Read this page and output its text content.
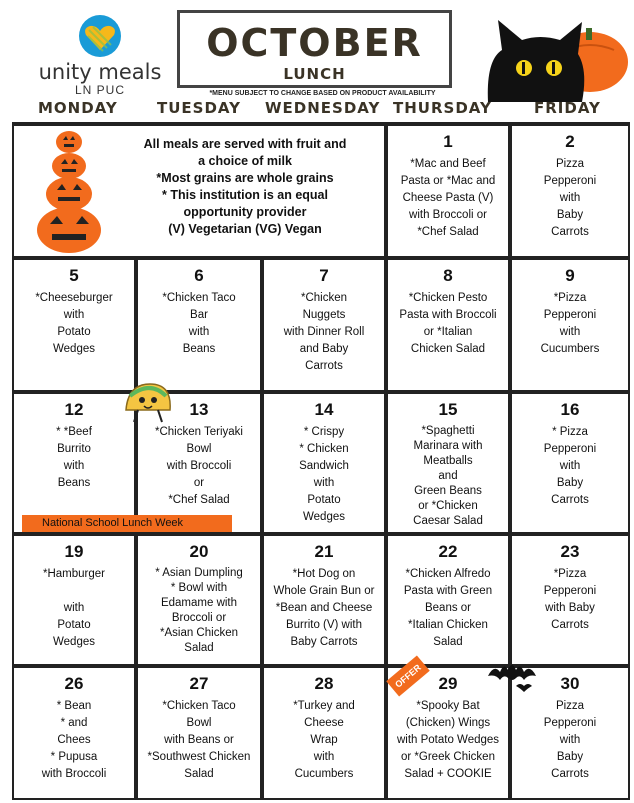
unity meals
LN PUC
OCTOBER
LUNCH
*MENU SUBJECT TO CHANGE BASED ON PRODUCT AVAILABILITY
MONDAY	TUESDAY WEDNESDAY THURSDAY	FRIDAY
All meals are served with fruit and
a choice of milk
*Most grains are whole grains
* This institution is an equal
opportunity provider
(V) Vegetarian (VG) Vegan
1
*Mac and Beef
Pasta or *Mac and
Cheese Pasta (V)
with Broccoli or
*Chef Salad
2
Pizza
Pepperoni
with
Baby
Carrots
5
*Cheeseburger
with
Potato
Wedges
6
*Chicken Taco
Bar
with
Beans
7
*Chicken
Nuggets
with Dinner Roll
and Baby
Carrots
8
*Chicken Pesto
Pasta with Broccoli
or *Italian
Chicken Salad
9
*Pizza
Pepperoni
with
Cucumbers
12
* *Beef
Burrito
with
Beans
13
*Chicken Teriyaki
Bowl
with Broccoli
or
*Chef Salad
14
* Crispy
* Chicken
Sandwich
with
Potato
Wedges
15
*Spaghetti
Marinara with
Meatballs
and
Green Beans
or *Chicken
Caesar Salad
16
* Pizza
Pepperoni
with
Baby
Carrots
19
*Hamburger

with
Potato
Wedges
20
* Asian Dumpling
* Bowl with
Edamame with
Broccoli or
*Asian Chicken
Salad
21
*Hot Dog on
Whole Grain Bun or
*Bean and Cheese
Burrito (V) with
Baby Carrots
22
*Chicken Alfredo
Pasta with Green
Beans or
*Italian Chicken
Salad
23
*Pizza
Pepperoni
with Baby
Carrots
26
* Bean
* and
Chees
* Pupusa
with Broccoli
27
*Chicken Taco
Bowl
with Beans or
*Southwest Chicken
Salad
28
*Turkey and
Cheese
Wrap
with
Cucumbers
29
*Spooky Bat
(Chicken) Wings
with Potato Wedges
or *Greek Chicken
Salad + COOKIE
30
Pizza
Pepperoni
with
Baby
Carrots
National School Lunch Week
OFFER
